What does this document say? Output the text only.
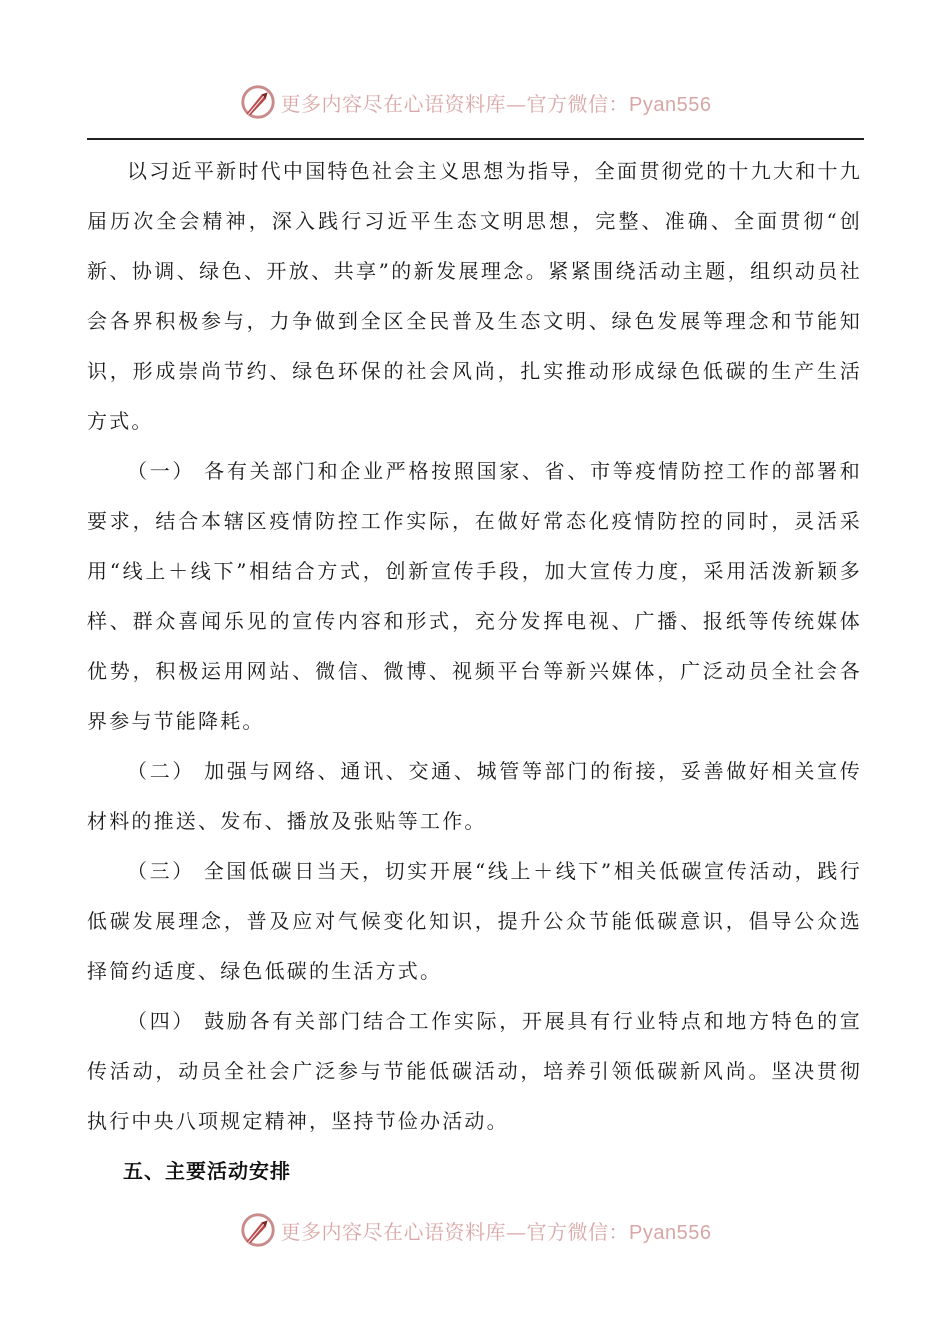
更多内容尽在心语资料库—官方微信：Pyan556

以习近平新时代中国特色社会主义思想为指导，全面贯彻党的十九大和十九届历次全会精神，深入践行习近平生态文明思想，完整、准确、全面贯彻“创新、协调、绿色、开放、共享”的新发展理念。紧紧围绕活动主题，组织动员社会各界积极参与，力争做到全区全民普及生态文明、绿色发展等理念和节能知识，形成崇尚节约、绿色环保的社会风尚，扎实推动形成绿色低碳的生产生活方式。

（一） 各有关部门和企业严格按照国家、省、市等疫情防控工作的部署和要求，结合本辖区疫情防控工作实际，在做好常态化疫情防控的同时，灵活采用“线上＋线下”相结合方式，创新宣传手段，加大宣传力度，采用活泼新颖多样、群众喜闻乐见的宣传内容和形式，充分发挥电视、广播、报纸等传统媒体优势，积极运用网站、微信、微博、视频平台等新兴媒体，广泛动员全社会各界参与节能降耗。

（二） 加强与网络、通讯、交通、城管等部门的衔接，妥善做好相关宣传材料的推送、发布、播放及张贴等工作。

（三） 全国低碳日当天，切实开展“线上＋线下”相关低碳宣传活动，践行低碳发展理念，普及应对气候变化知识，提升公众节能低碳意识，倡导公众选择简约适度、绿色低碳的生活方式。

（四） 鼓励各有关部门结合工作实际，开展具有行业特点和地方特色的宣传活动，动员全社会广泛参与节能低碳活动，培养引领低碳新风尚。坚决贯彻执行中央八项规定精神，坚持节俭办活动。

五、主要活动安排

更多内容尽在心语资料库—官方微信：Pyan556
